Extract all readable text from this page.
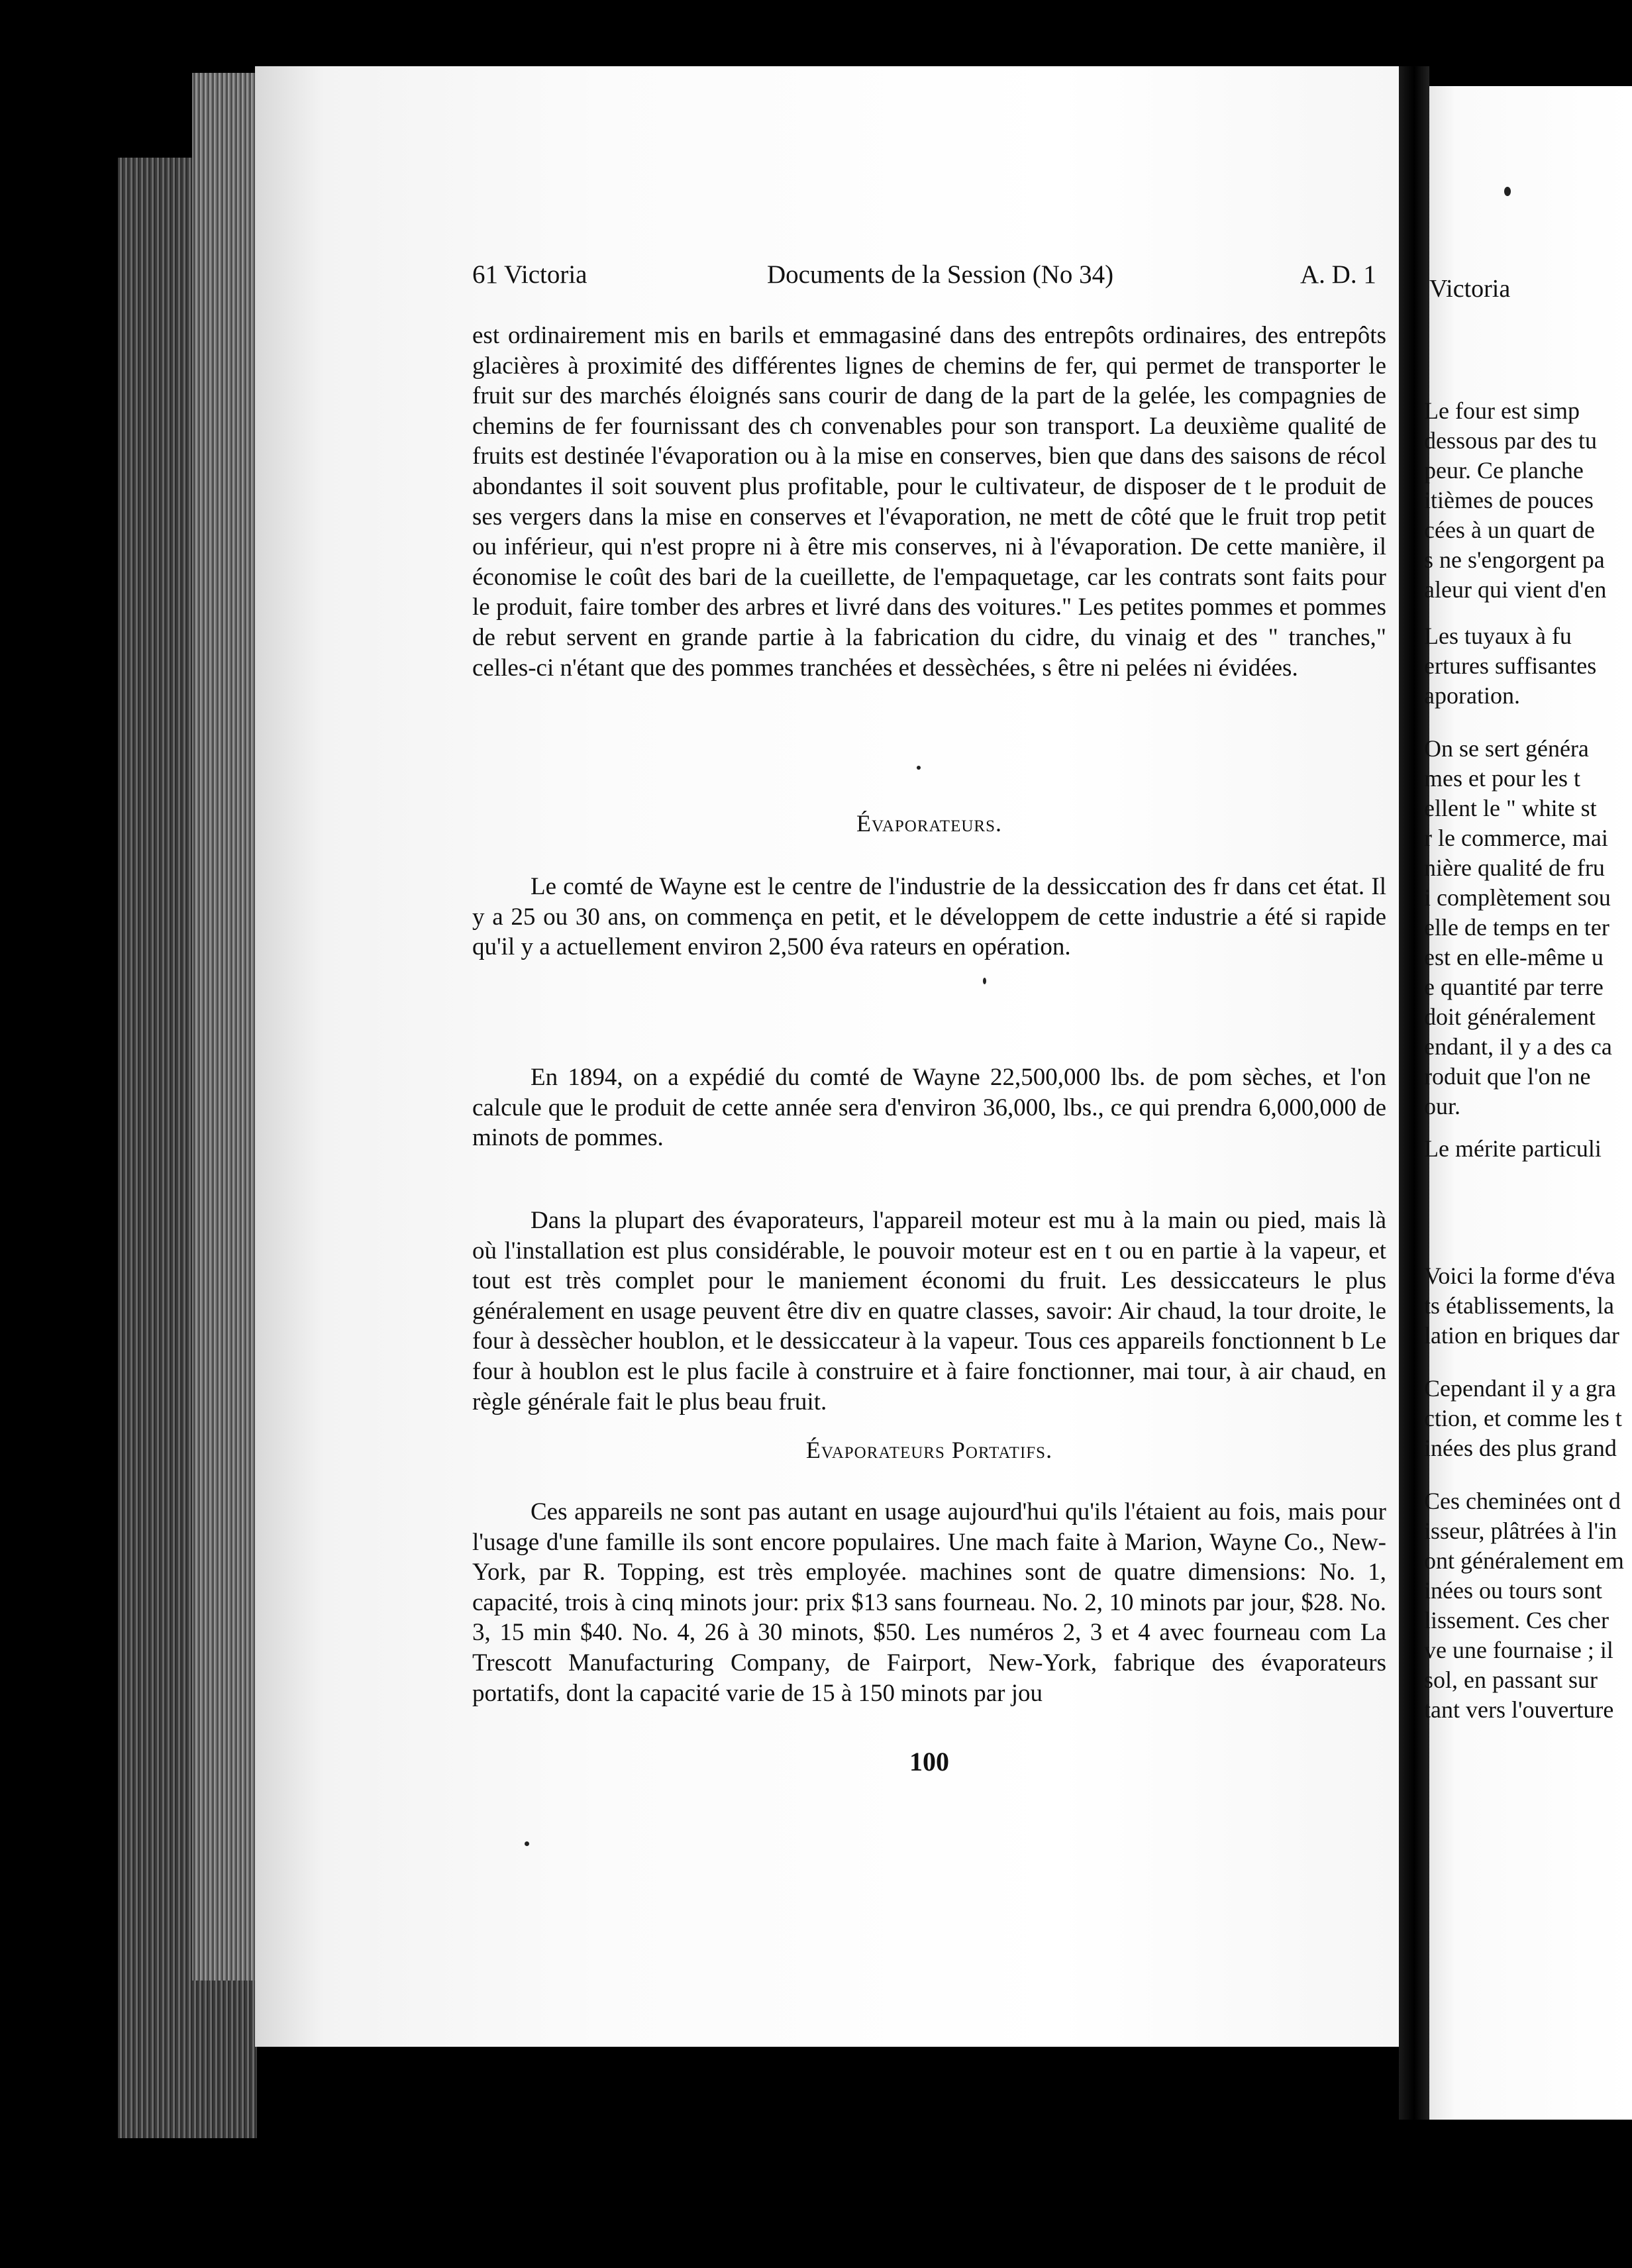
61 Victoria	Documents de la Session (No 34)	A. D. 1

est ordinairement mis en barils et emmagasiné dans des entrepôts ordinaires, des entrepôts glacières à proximité des différentes lignes de chemins de fer, qui permet de transporter le fruit sur des marchés éloignés sans courir de dang de la part de la gelée, les compagnies de chemins de fer fournissant des ch convenables pour son transport. La deuxième qualité de fruits est destinée l'évaporation ou à la mise en conserves, bien que dans des saisons de récol abondantes il soit souvent plus profitable, pour le cultivateur, de disposer de t le produit de ses vergers dans la mise en conserves et l'évaporation, ne mett de côté que le fruit trop petit ou inférieur, qui n'est propre ni à être mis conserves, ni à l'évaporation. De cette manière, il économise le coût des bari de la cueillette, de l'empaquetage, car les contrats sont faits pour le produit, faire tomber des arbres et livré dans des voitures." Les petites pommes et pommes de rebut servent en grande partie à la fabrication du cidre, du vinaig et des " tranches," celles-ci n'étant que des pommes tranchées et dessèchées, s être ni pelées ni évidées.

Évaporateurs.

Le comté de Wayne est le centre de l'industrie de la dessiccation des fr dans cet état. Il y a 25 ou 30 ans, on commença en petit, et le développem de cette industrie a été si rapide qu'il y a actuellement environ 2,500 éva rateurs en opération.

En 1894, on a expédié du comté de Wayne 22,500,000 lbs. de pom sèches, et l'on calcule que le produit de cette année sera d'environ 36,000, lbs., ce qui prendra 6,000,000 de minots de pommes.

Dans la plupart des évaporateurs, l'appareil moteur est mu à la main ou pied, mais là où l'installation est plus considérable, le pouvoir moteur est en t ou en partie à la vapeur, et tout est très complet pour le maniement économi du fruit. Les dessiccateurs le plus généralement en usage peuvent être div en quatre classes, savoir: Air chaud, la tour droite, le four à dessècher houblon, et le dessiccateur à la vapeur. Tous ces appareils fonctionnent b Le four à houblon est le plus facile à construire et à faire fonctionner, mai tour, à air chaud, en règle générale fait le plus beau fruit.

Évaporateurs Portatifs.

Ces appareils ne sont pas autant en usage aujourd'hui qu'ils l'étaient au fois, mais pour l'usage d'une famille ils sont encore populaires. Une mach faite à Marion, Wayne Co., New-York, par R. Topping, est très employée. machines sont de quatre dimensions: No. 1, capacité, trois à cinq minots jour: prix $13 sans fourneau. No. 2, 10 minots par jour, $28. No. 3, 15 min $40. No. 4, 26 à 30 minots, $50. Les numéros 2, 3 et 4 avec fourneau com La Trescott Manufacturing Company, de Fairport, New-York, fabrique des évaporateurs portatifs, dont la capacité varie de 15 à 150 minots par jou

100
Victoria
Le four est simp
dessous par des tu
peur. Ce planche
itièmes de pouces
cées à un quart de
s ne s'engorgent pa
aleur qui vient d'en
Les tuyaux à fu
ertures suffisantes
aporation.
On se sert généra
mes et pour les t
ellent le " white st
r le commerce, mai
nière qualité de fru
i complètement sou
elle de temps en ter
est en elle-même u
e quantité par terre
doit généralement
endant, il y a des ca
roduit que l'on ne
our.
Le mérite particuli
Voici la forme d'éva
ts établissements, la
lation en briques dar
Cependant il y a gra
ction, et comme les t
inées des plus grand
Ces cheminées ont d
isseur, plâtrées à l'in
ont généralement em
inées ou tours sont
lissement. Ces cher
ve une fournaise ; il
sol, en passant sur
tant vers l'ouverture
